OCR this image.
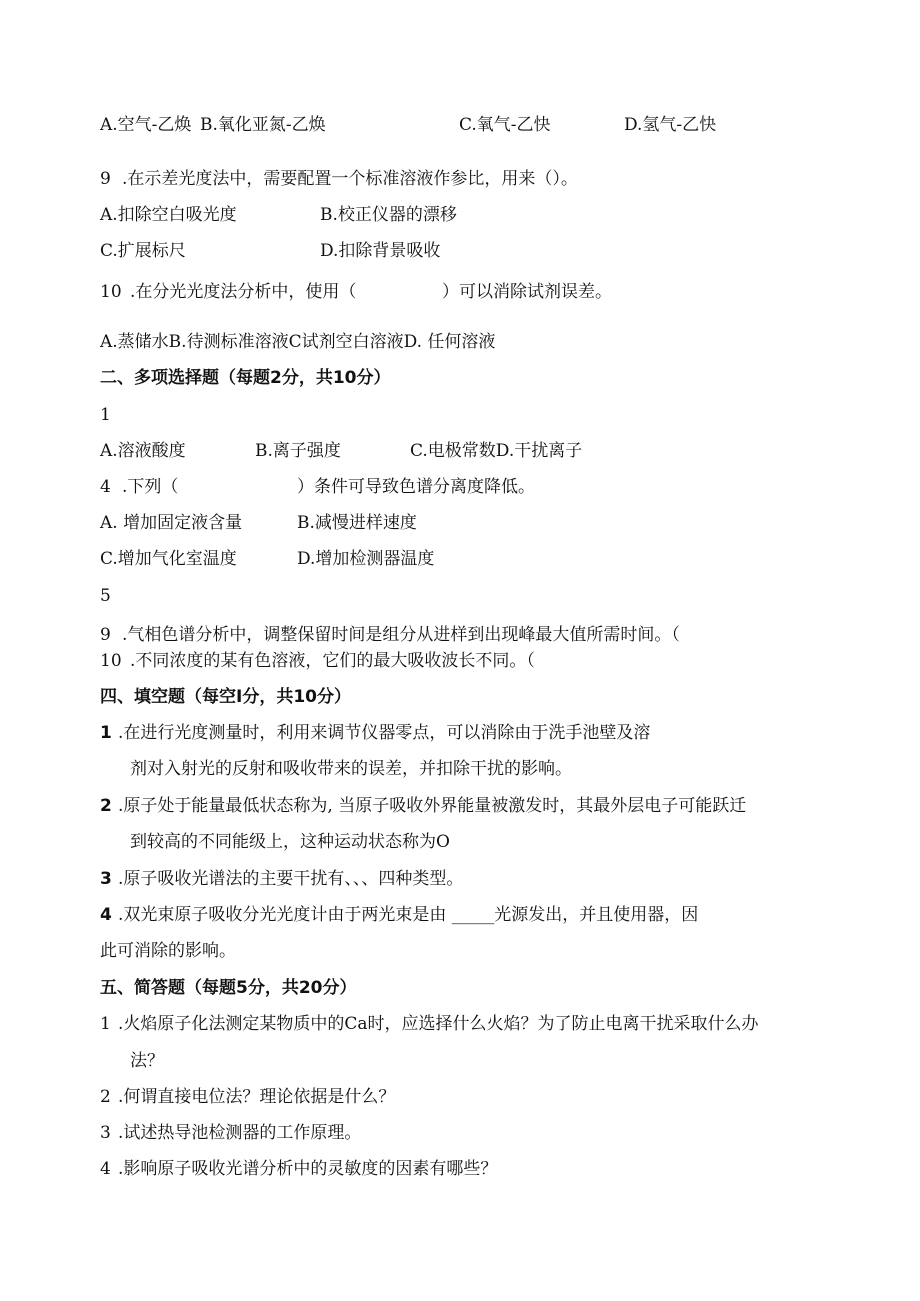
A.空气-乙焕 B.氧化亚氮-乙焕	C.氧气-乙快	D.氢气-乙快
9 .在示差光度法中，需要配置一个标准溶液作参比，用来（）。
A.扣除空白吸光度	B.校正仪器的漂移
C.扩展标尺	D.扣除背景吸收
10 .在分光光度法分析中，使用（	）可以消除试剂误差。
A.蒸储水B.待测标准溶液C试剂空白溶液D. 任何溶液
二、多项选择题（每题2分，共10分）
1
A.溶液酸度	B.离子强度	C.电极常数D.干扰离子
4 .下列（	）条件可导致色谱分离度降低。
A. 增加固定液含量	B.减慢进样速度
C.增加气化室温度	D.增加检测器温度
5
9 .气相色谱分析中，调整保留时间是组分从进样到出现峰最大值所需时间。（
10 .不同浓度的某有色溶液，它们的最大吸收波长不同。（
四、填空题（每空I分，共10分）
1 .在进行光度测量时，利用来调节仪器零点，可以消除由于洗手池壁及溶
剂对入射光的反射和吸收带来的误差，并扣除干扰的影响。
2 .原子处于能量最低状态称为, 当原子吸收外界能量被激发时，其最外层电子可能跃迁
到较高的不同能级上，这种运动状态称为O
3 .原子吸收光谱法的主要干扰有、、、四种类型。
4 .双光束原子吸收分光光度计由于两光束是由 _____光源发出，并且使用器，因
此可消除的影响。
五、简答题（每题5分，共20分）
1 .火焰原子化法测定某物质中的Ca时，应选择什么火焰？为了防止电离干扰采取什么办
法？
2 .何谓直接电位法？理论依据是什么？
3 .试述热导池检测器的工作原理。
4 .影响原子吸收光谱分析中的灵敏度的因素有哪些？
